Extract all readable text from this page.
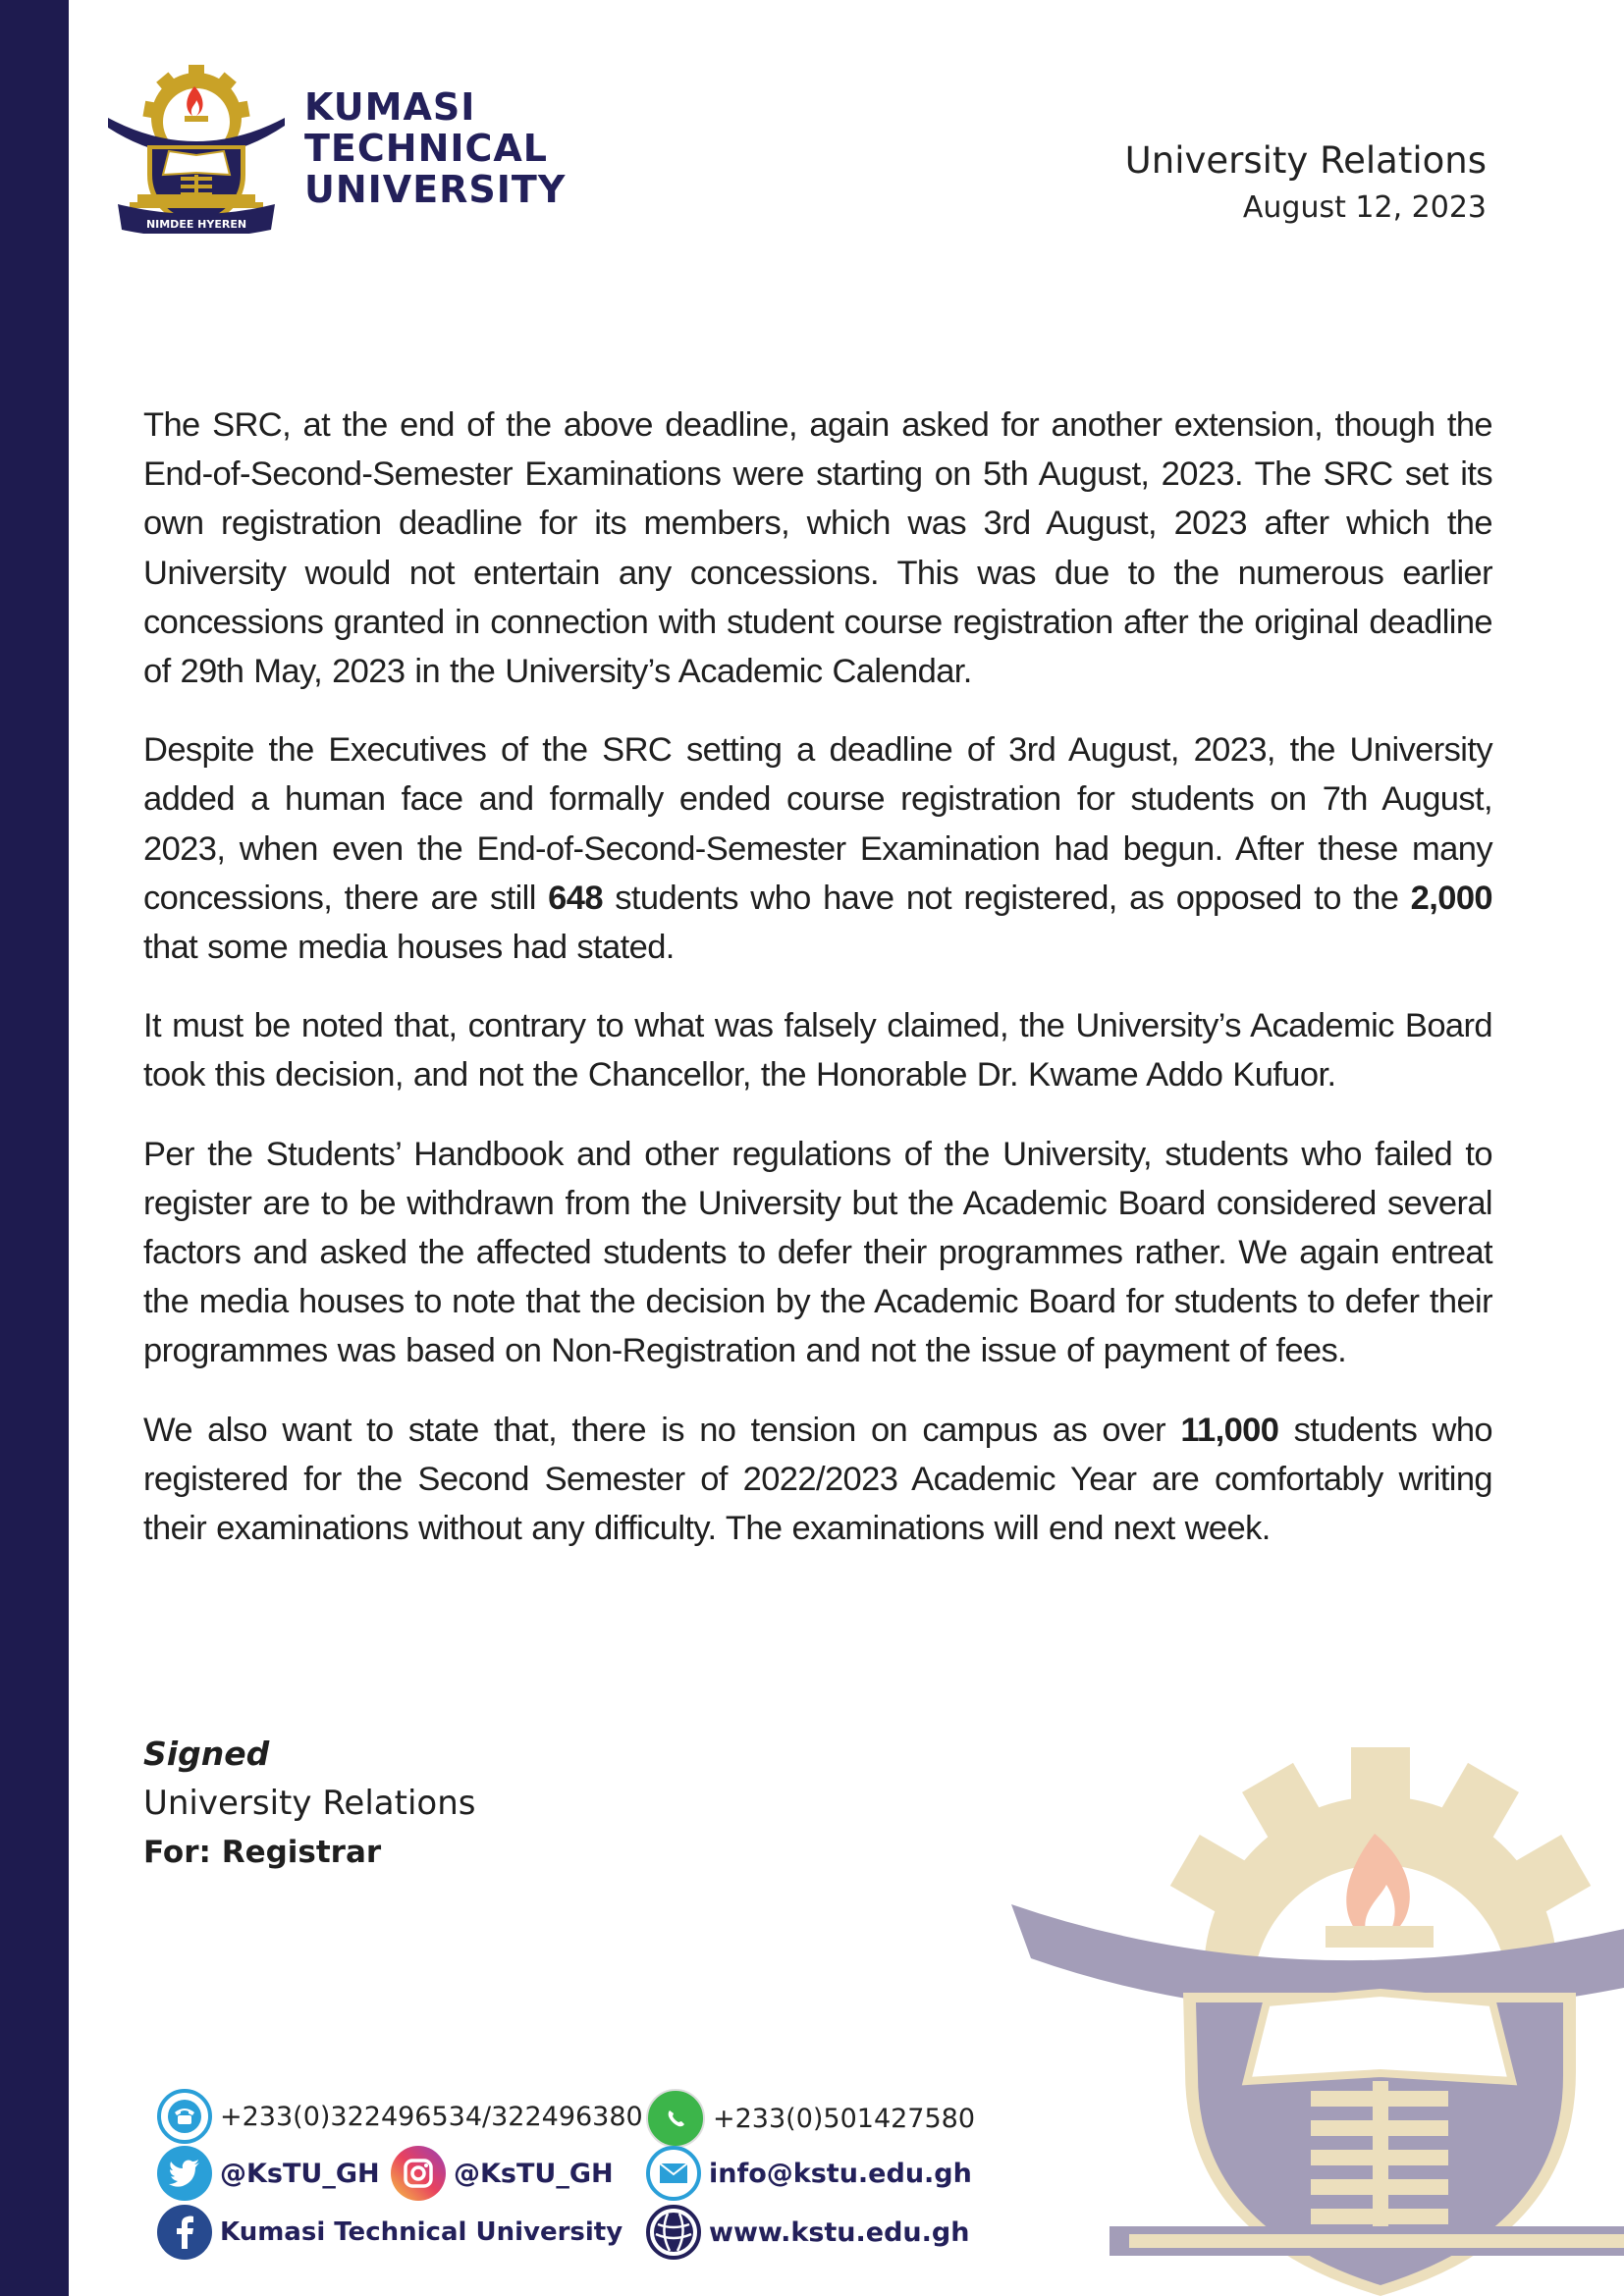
NIMDEE HYEREN
KUMASI
TECHNICAL
UNIVERSITY
University Relations
August 12, 2023

The SRC, at the end of the above deadline, again asked for another extension, though the End-of-Second-Semester Examinations were starting on 5th August, 2023. The SRC set its own registration deadline for its members, which was 3rd August, 2023 after which the University would not entertain any concessions. This was due to the numerous earlier concessions granted in connection with student course registration after the original deadline of 29th May, 2023 in the University’s Academic Calendar.

Despite the Executives of the SRC setting a deadline of 3rd August, 2023, the University added a human face and formally ended course registration for students on 7th August, 2023, when even the End-of-Second-Semester Examination had begun. After these many concessions, there are still 648 students who have not registered, as opposed to the 2,000 that some media houses had stated.

It must be noted that, contrary to what was falsely claimed, the University’s Academic Board took this decision, and not the Chancellor, the Honorable Dr. Kwame Addo Kufuor.

Per the Students’ Handbook and other regulations of the University, students who failed to register are to be withdrawn from the University but the Academic Board considered several factors and asked the affected students to defer their programmes rather. We again entreat the media houses to note that the decision by the Academic Board for students to defer their programmes was based on Non-Registration and not the issue of payment of fees.

We also want to state that, there is no tension on campus as over 11,000 students who registered for the Second Semester of 2022/2023 Academic Year are comfortably writing their examinations without any difficulty. The examinations will end next week.

Signed
University Relations
For: Registrar
+233(0)322496534/322496380	+233(0)501427580
@KsTU_GH	@KsTU_GH	info@kstu.edu.gh
Kumasi Technical University	www.kstu.edu.gh
